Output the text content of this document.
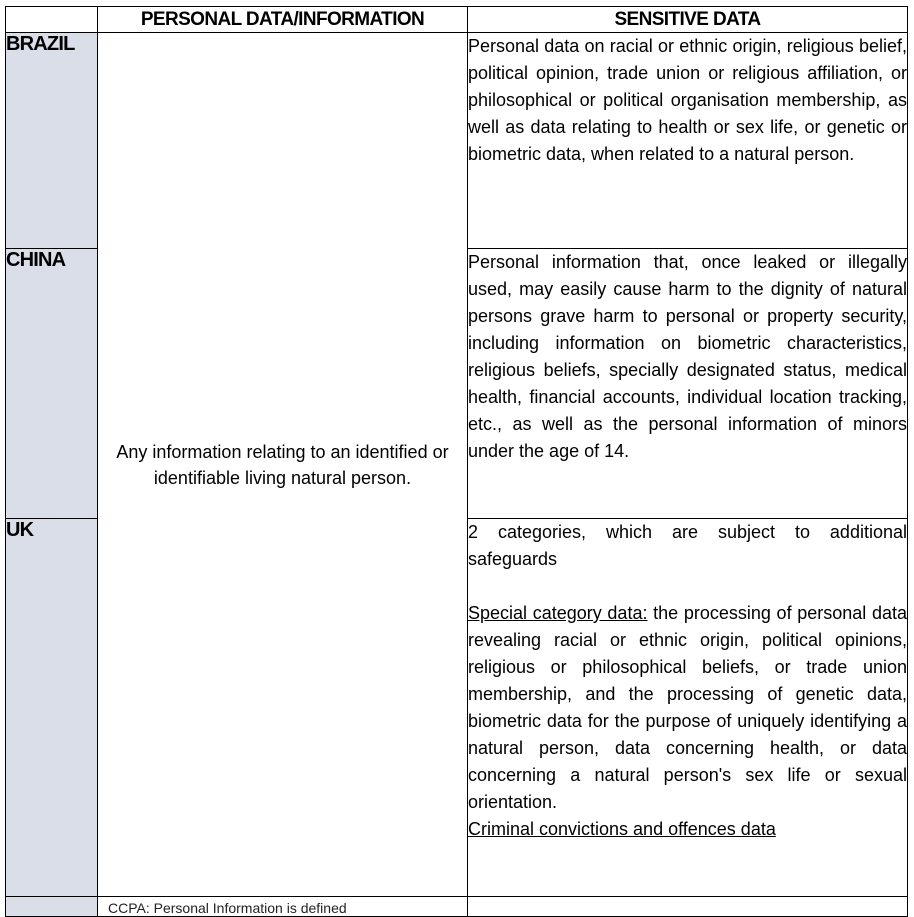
	PERSONAL DATA/INFORMATION	SENSITIVE DATA
BRAZIL	Any information relating to an identified or identifiable living natural person.	Personal data on racial or ethnic origin, religious belief, political opinion, trade union or religious affiliation, or philosophical or political organisation membership, as well as data relating to health or sex life, or genetic or biometric data, when related to a natural person.

CHINA		Personal information that, once leaked or illegally used, may easily cause harm to the dignity of natural persons grave harm to personal or property security, including information on biometric characteristics, religious beliefs, specially designated status, medical health, financial accounts, individual location tracking, etc., as well as the personal information of minors under the age of 14.

UK		2 categories, which are subject to additional safeguards

Special category data: the processing of personal data revealing racial or ethnic origin, political opinions, religious or philosophical beliefs, or trade union membership, and the processing of genetic data, biometric data for the purpose of uniquely identifying a natural person, data concerning health, or data concerning a natural person's sex life or sexual orientation.

Criminal convictions and offences data

	CCPA: Personal Information is defined	
